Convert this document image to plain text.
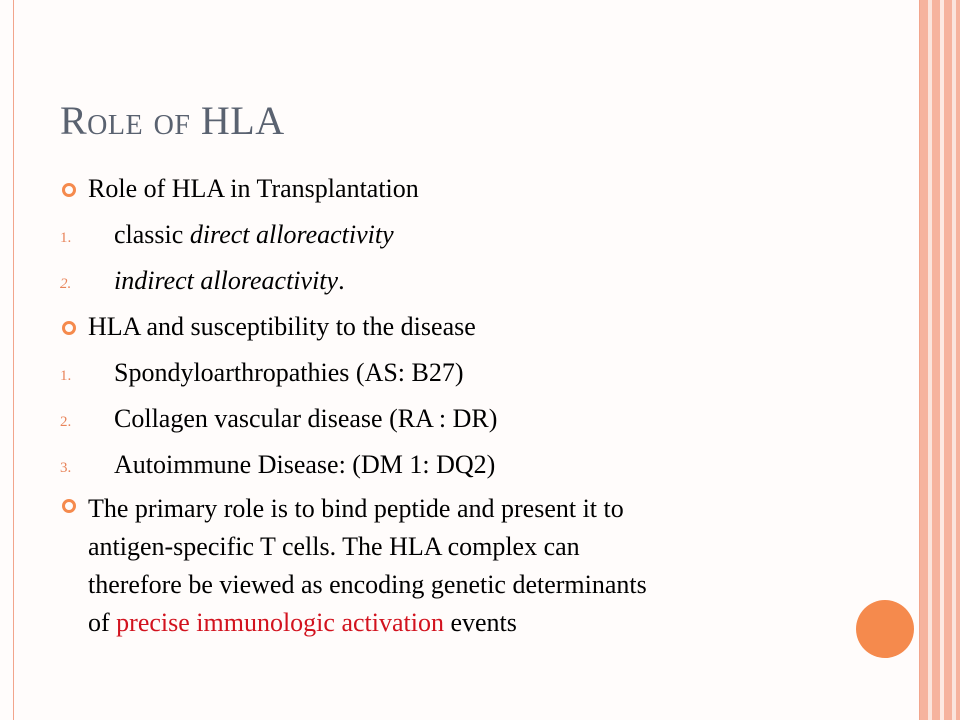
Role of HLA
Role of HLA in Transplantation
1. classic direct alloreactivity
2. indirect alloreactivity.
HLA and susceptibility to the disease
1. Spondyloarthropathies (AS: B27)
2. Collagen vascular disease (RA : DR)
3. Autoimmune Disease: (DM 1: DQ2)
The primary role is to bind peptide and present it to
antigen-specific T cells. The HLA complex can
therefore be viewed as encoding genetic determinants
of precise immunologic activation events
